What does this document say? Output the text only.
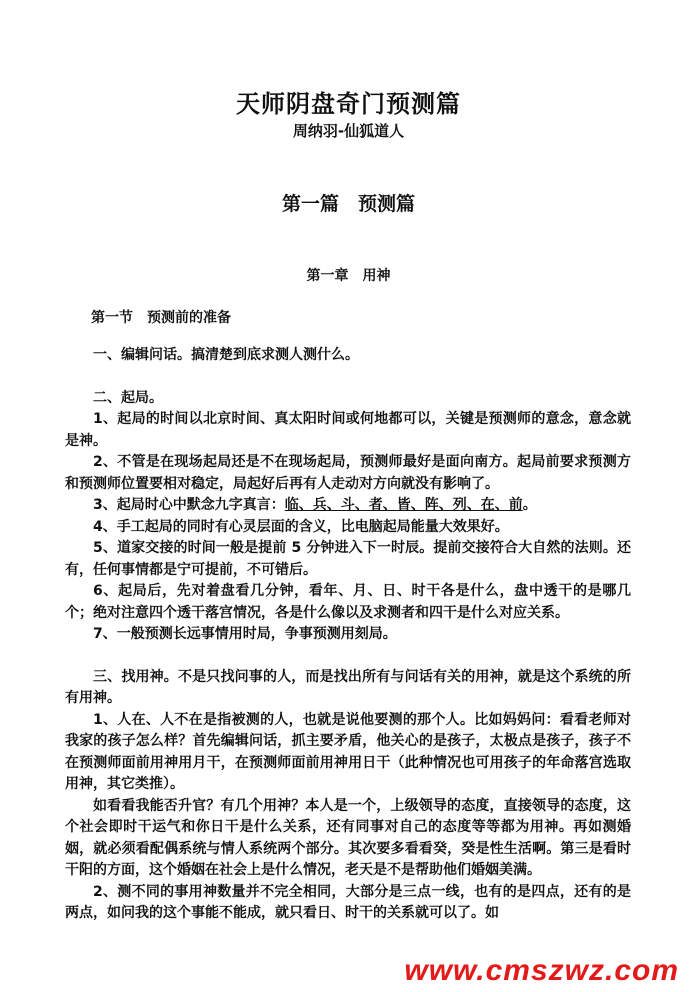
天师阴盘奇门预测篇
周纳羽-仙狐道人
第一篇　预测篇
第一章　用神
第一节　预测前的准备

一、编辑问话。搞清楚到底求测人测什么。

二、起局。

1、起局的时间以北京时间、真太阳时间或何地都可以，关键是预测师的意念，意念就是神。

2、不管是在现场起局还是不在现场起局，预测师最好是面向南方。起局前要求预测方和预测师位置要相对稳定，局起好后再有人走动对方向就没有影响了。

3、起局时心中默念九字真言：临、兵、斗、者、皆、阵、列、在、前。

4、手工起局的同时有心灵层面的含义，比电脑起局能量大效果好。

5、道家交接的时间一般是提前 5 分钟进入下一时辰。提前交接符合大自然的法则。还有，任何事情都是宁可提前，不可错后。

6、起局后，先对着盘看几分钟，看年、月、日、时干各是什么，盘中透干的是哪几个；绝对注意四个透干落宫情况，各是什么像以及求测者和四干是什么对应关系。

7、一般预测长远事情用时局，争事预测用刻局。

三、找用神。不是只找问事的人，而是找出所有与问话有关的用神，就是这个系统的所有用神。

1、人在、人不在是指被测的人，也就是说他要测的那个人。比如妈妈问：看看老师对我家的孩子怎么样？首先编辑问话，抓主要矛盾，他关心的是孩子，太极点是孩子，孩子不在预测师面前用神用月干，在预测师面前用神用日干（此种情况也可用孩子的年命落宫选取用神，其它类推）。

如看看我能否升官？有几个用神？本人是一个，上级领导的态度，直接领导的态度，这个社会即时干运气和你日干是什么关系，还有同事对自己的态度等等都为用神。再如测婚姻，就必须看配偶系统与情人系统两个部分。其次要多看看癸，癸是性生活啊。第三是看时干阳的方面，这个婚姻在社会上是什么情况，老天是不是帮助他们婚姻美满。

2、测不同的事用神数量并不完全相同，大部分是三点一线，也有的是四点，还有的是两点，如问我的这个事能不能成，就只看日、时干的关系就可以了。如

www.cmszwz.com
